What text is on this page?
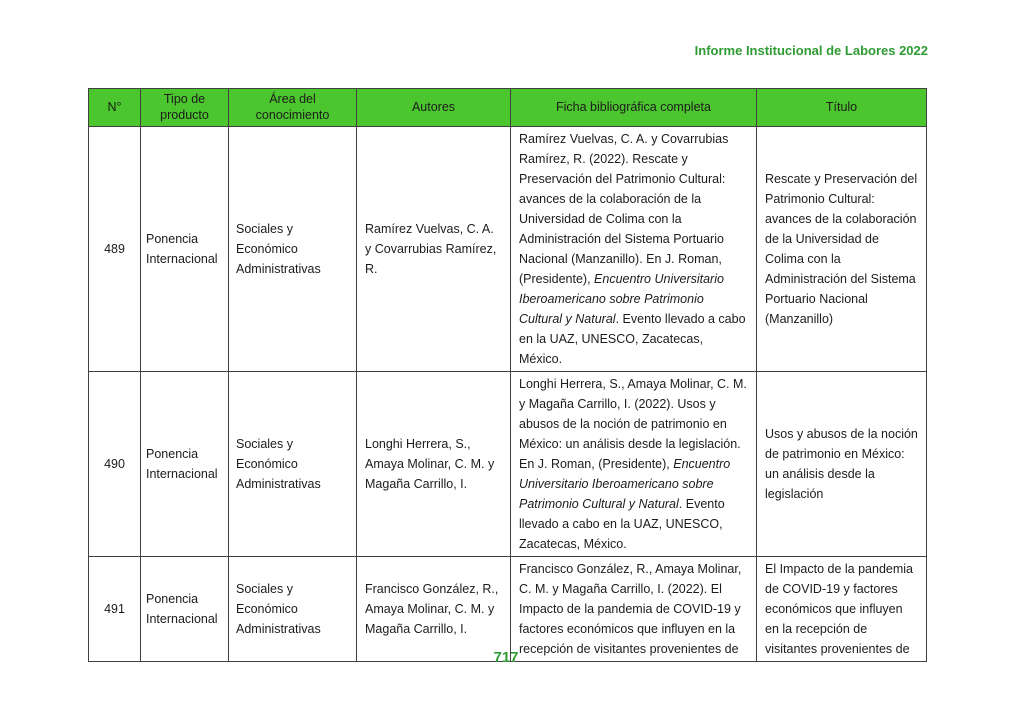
Informe Institucional de Labores 2022
N°	Tipo de producto	Área del conocimiento	Autores	Ficha bibliográfica completa	Título
489	Ponencia Internacional	Sociales y Económico Administrativas	Ramírez Vuelvas, C. A. y Covarrubias Ramírez, R.	Ramírez Vuelvas, C. A. y Covarrubias Ramírez, R. (2022). Rescate y Preservación del Patrimonio Cultural: avances de la colaboración de la Universidad de Colima con la Administración del Sistema Portuario Nacional (Manzanillo). En J. Roman, (Presidente), Encuentro Universitario Iberoamericano sobre Patrimonio Cultural y Natural. Evento llevado a cabo en la UAZ, UNESCO, Zacatecas, México.	Rescate y Preservación del Patrimonio Cultural: avances de la colaboración de la Universidad de Colima con la Administración del Sistema Portuario Nacional (Manzanillo)
490	Ponencia Internacional	Sociales y Económico Administrativas	Longhi Herrera, S., Amaya Molinar, C. M. y Magaña Carrillo, I.	Longhi Herrera, S., Amaya Molinar, C. M. y Magaña Carrillo, I. (2022). Usos y abusos de la noción de patrimonio en México: un análisis desde la legislación. En J. Roman, (Presidente), Encuentro Universitario Iberoamericano sobre Patrimonio Cultural y Natural. Evento llevado a cabo en la UAZ, UNESCO, Zacatecas, México.	Usos y abusos de la noción de patrimonio en México: un análisis desde la legislación
491	Ponencia Internacional	Sociales y Económico Administrativas	Francisco González, R., Amaya Molinar, C. M. y Magaña Carrillo, I.	Francisco González, R., Amaya Molinar, C. M. y Magaña Carrillo, I. (2022). El Impacto de la pandemia de COVID-19 y factores económicos que influyen en la recepción de visitantes provenientes de	El Impacto de la pandemia de COVID-19 y factores económicos que influyen en la recepción de visitantes provenientes de
717
